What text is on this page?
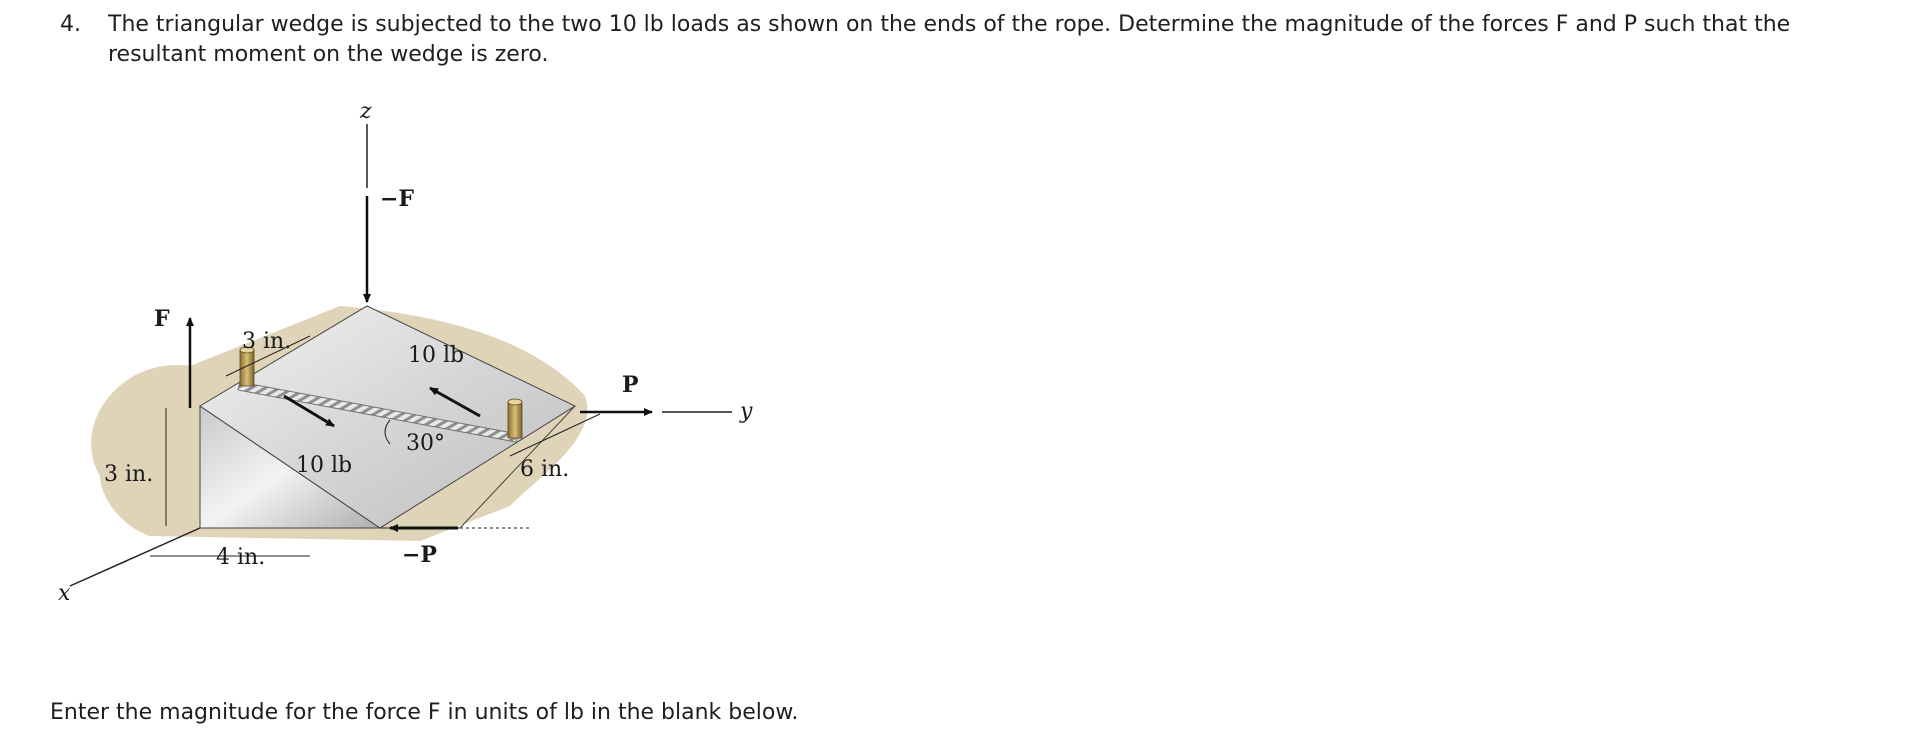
4. The triangular wedge is subjected to the two 10 lb loads as shown on the ends of the rope. Determine the magnitude of the forces F and P such that the resultant moment on the wedge is zero.
−F
F
P
−P
10 lb
10 lb
30°
3 in.
3 in.
4 in.
6 in.
z
y
x
Enter the magnitude for the force F in units of lb in the blank below.
